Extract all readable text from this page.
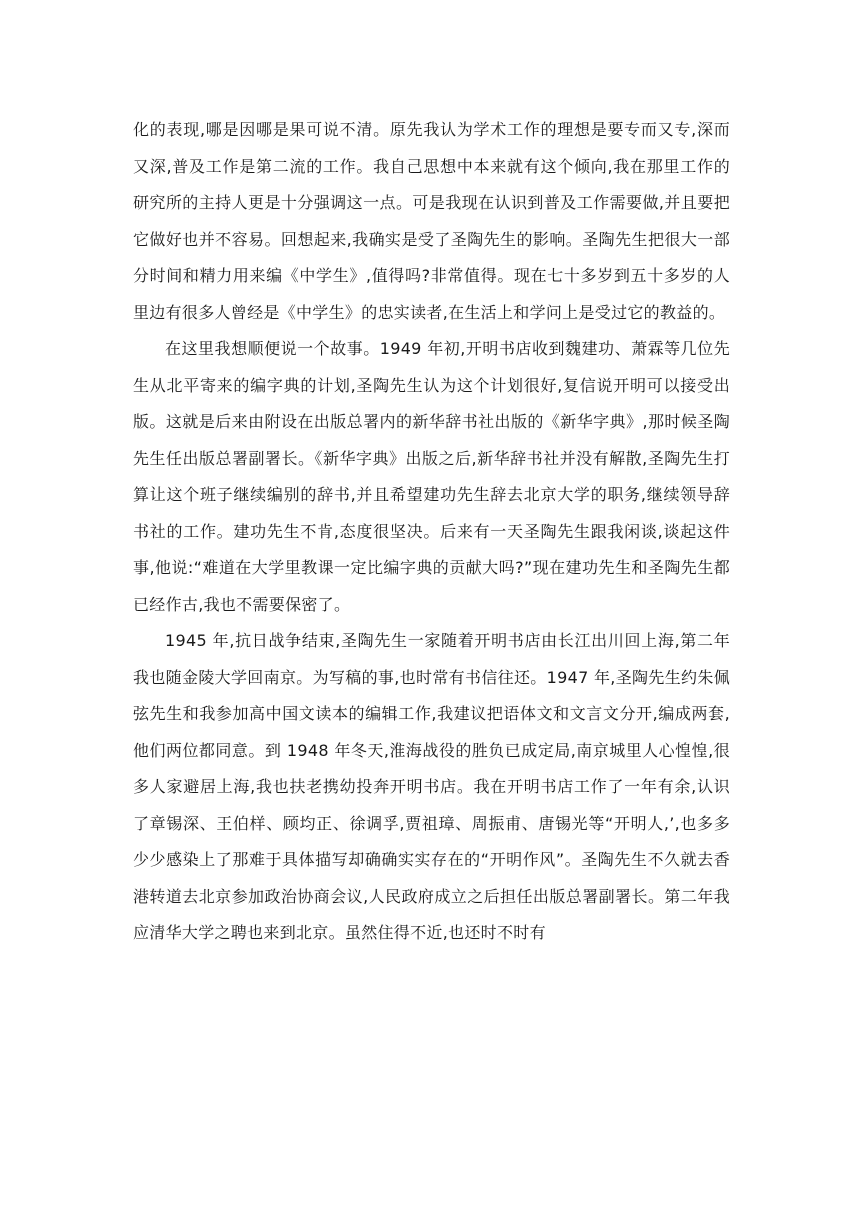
化的表现,哪是因哪是果可说不清。原先我认为学术工作的理想是要专而又专,深而又深,普及工作是第二流的工作。我自己思想中本来就有这个倾向,我在那里工作的研究所的主持人更是十分强调这一点。可是我现在认识到普及工作需要做,并且要把它做好也并不容易。回想起来,我确实是受了圣陶先生的影响。圣陶先生把很大一部分时间和精力用来编《中学生》,值得吗?非常值得。现在七十多岁到五十多岁的人里边有很多人曾经是《中学生》的忠实读者,在生活上和学问上是受过它的教益的。

在这里我想顺便说一个故事。1949 年初,开明书店收到魏建功、萧霖等几位先生从北平寄来的编字典的计划,圣陶先生认为这个计划很好,复信说开明可以接受出版。这就是后来由附设在出版总署内的新华辞书社出版的《新华字典》,那时候圣陶先生任出版总署副署长。《新华字典》出版之后,新华辞书社并没有解散,圣陶先生打算让这个班子继续编别的辞书,并且希望建功先生辞去北京大学的职务,继续领导辞书社的工作。建功先生不肯,态度很坚决。后来有一天圣陶先生跟我闲谈,谈起这件事,他说:“难道在大学里教课一定比编字典的贡献大吗?”现在建功先生和圣陶先生都已经作古,我也不需要保密了。

1945 年,抗日战争结束,圣陶先生一家随着开明书店由长江出川回上海,第二年我也随金陵大学回南京。为写稿的事,也时常有书信往还。1947 年,圣陶先生约朱佩弦先生和我参加高中国文读本的编辑工作,我建议把语体文和文言文分开,编成两套,他们两位都同意。到 1948 年冬天,淮海战役的胜负已成定局,南京城里人心惶惶,很多人家避居上海,我也扶老携幼投奔开明书店。我在开明书店工作了一年有余,认识了章锡深、王伯样、顾均正、徐调孚,贾祖璋、周振甫、唐锡光等“开明人,’,也多多少少感染上了那难于具体描写却确确实实存在的“开明作风”。圣陶先生不久就去香港转道去北京参加政治协商会议,人民政府成立之后担任出版总署副署长。第二年我应清华大学之聘也来到北京。虽然住得不近,也还时不时有
